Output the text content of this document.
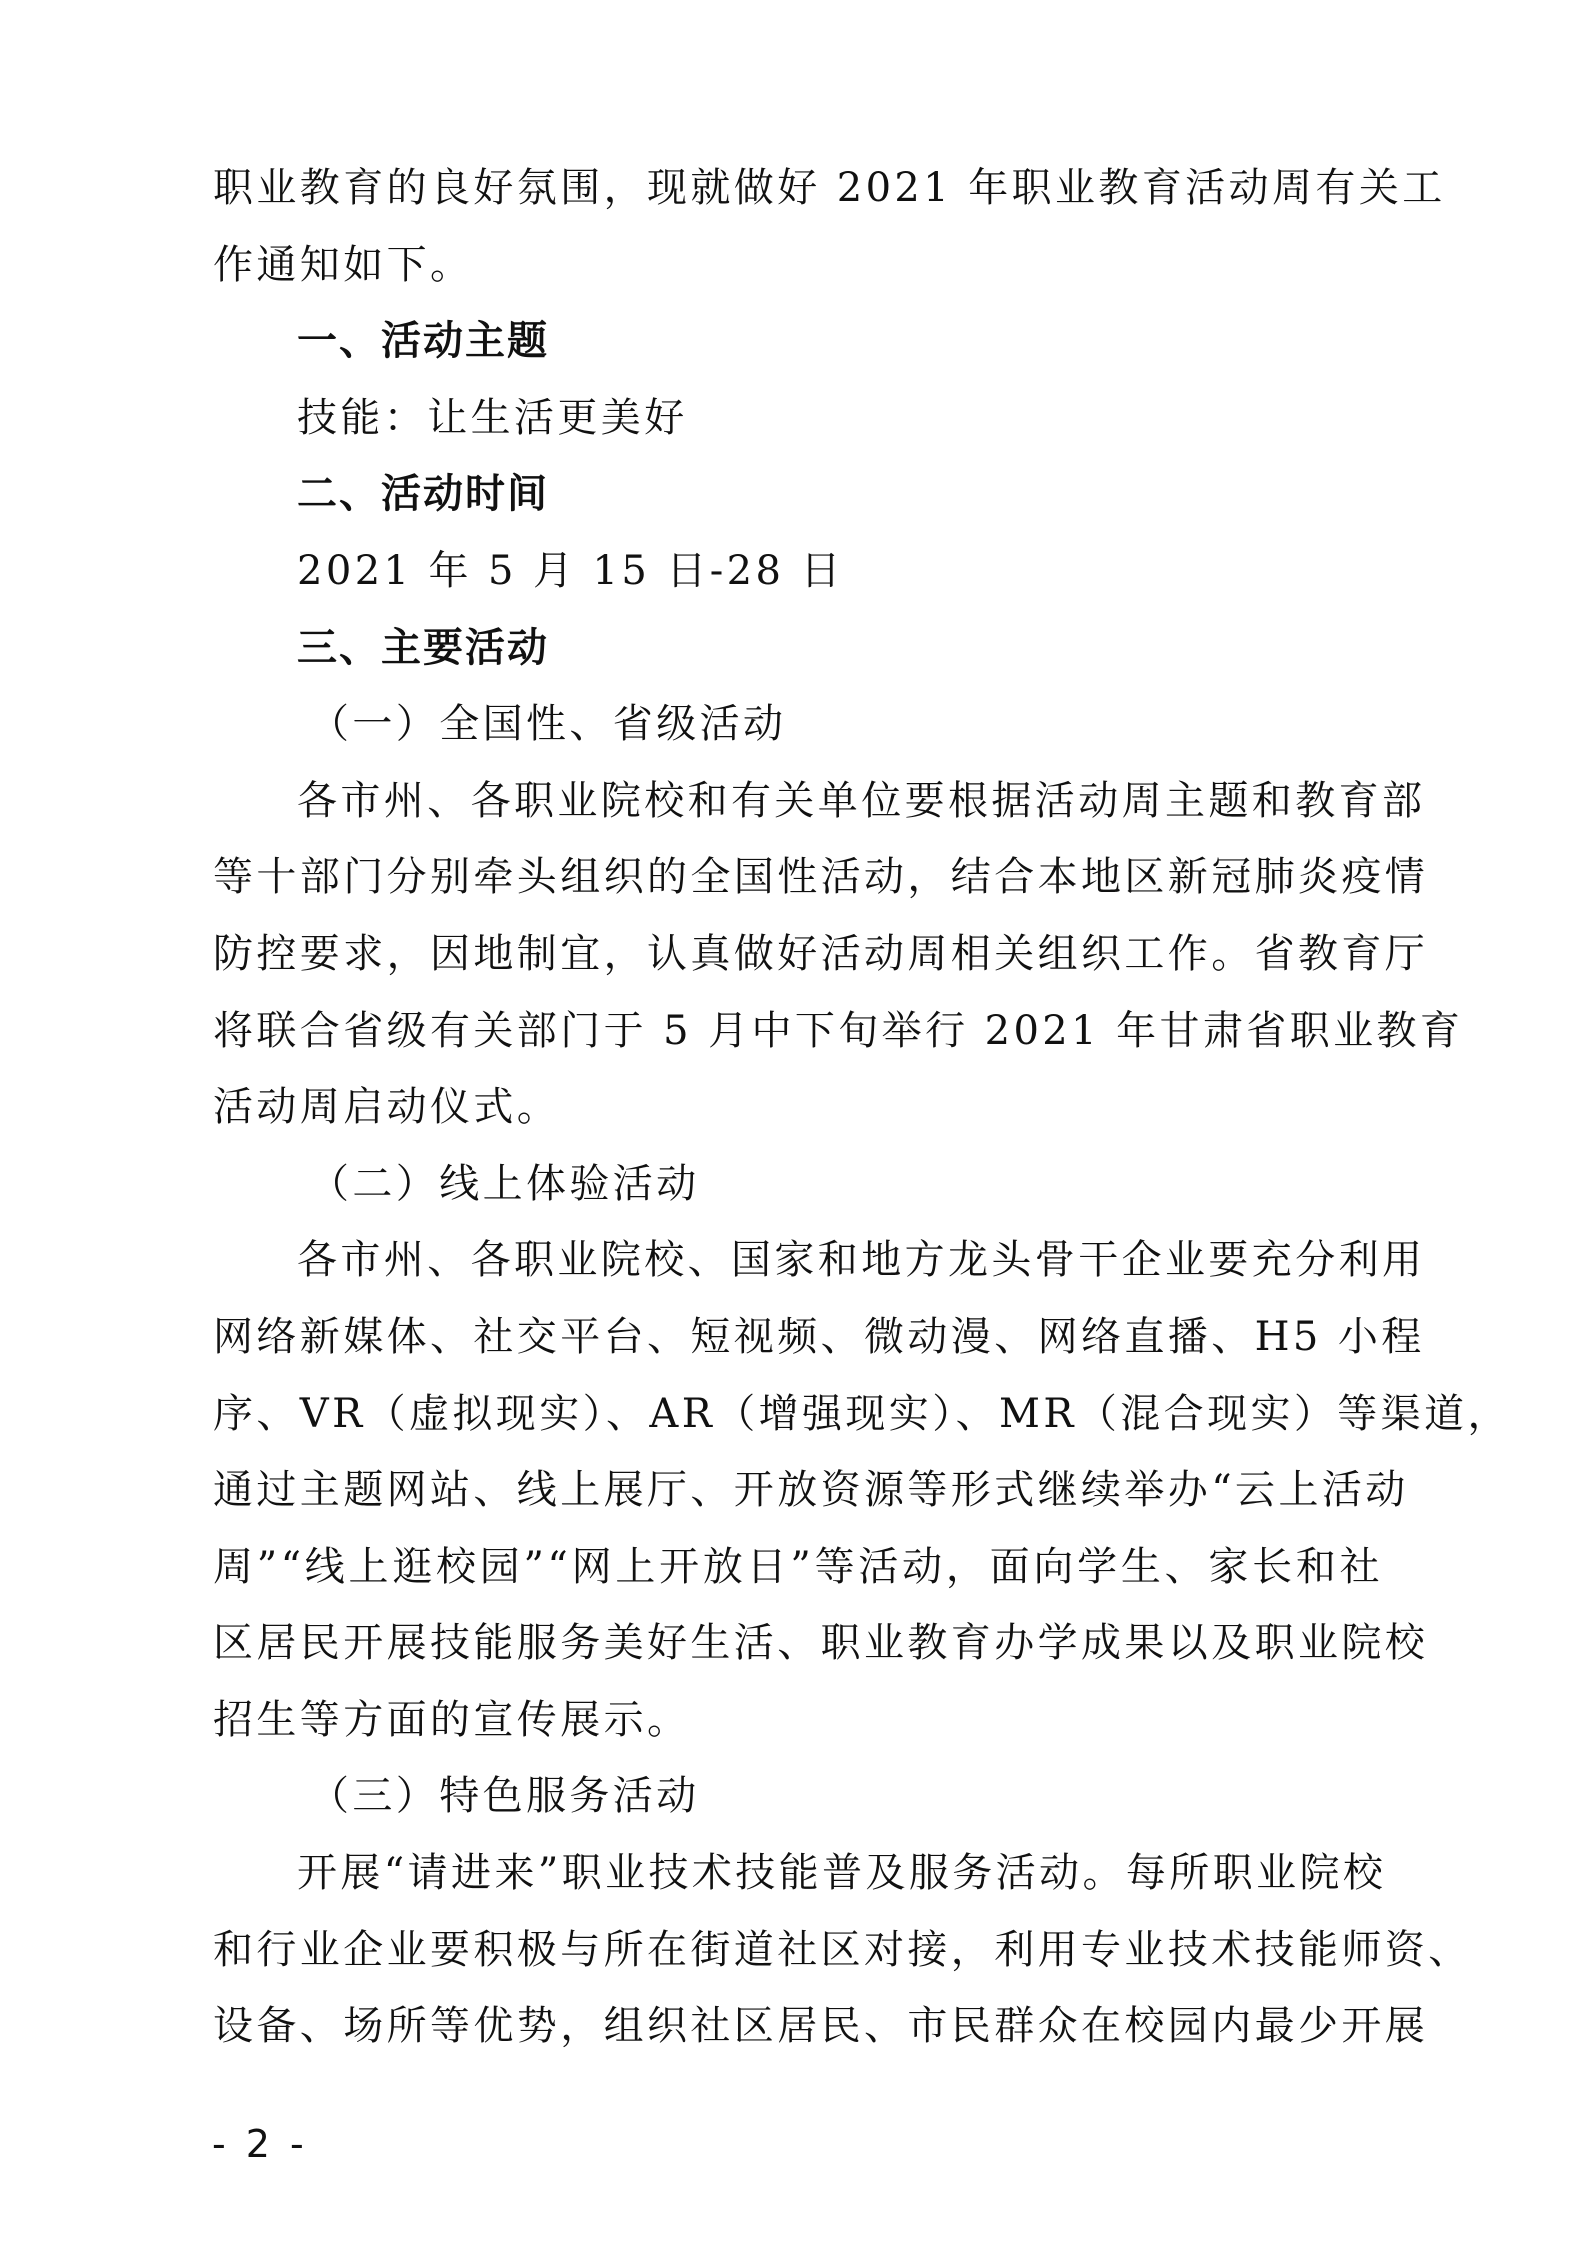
职业教育的良好氛围，现就做好 2021 年职业教育活动周有关工
作通知如下。
一、活动主题
技能：让生活更美好
二、活动时间
2021 年 5 月 15 日-28 日
三、主要活动
（一）全国性、省级活动
各市州、各职业院校和有关单位要根据活动周主题和教育部
等十部门分别牵头组织的全国性活动，结合本地区新冠肺炎疫情
防控要求，因地制宜，认真做好活动周相关组织工作。省教育厅
将联合省级有关部门于 5 月中下旬举行 2021 年甘肃省职业教育
活动周启动仪式。
（二）线上体验活动
各市州、各职业院校、国家和地方龙头骨干企业要充分利用
网络新媒体、社交平台、短视频、微动漫、网络直播、H5 小程
序、VR（虚拟现实）、AR（增强现实）、MR（混合现实）等渠道，
通过主题网站、线上展厅、开放资源等形式继续举办“云上活动
周”“线上逛校园”“网上开放日”等活动，面向学生、家长和社
区居民开展技能服务美好生活、职业教育办学成果以及职业院校
招生等方面的宣传展示。
（三）特色服务活动
开展“请进来”职业技术技能普及服务活动。每所职业院校
和行业企业要积极与所在街道社区对接，利用专业技术技能师资、
设备、场所等优势，组织社区居民、市民群众在校园内最少开展
- 2 -
